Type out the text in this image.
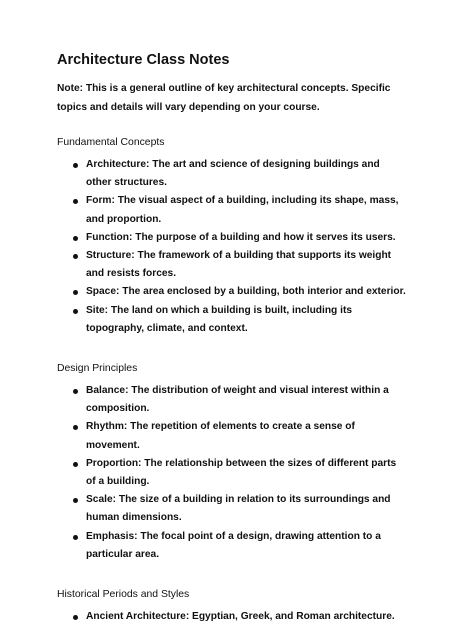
Architecture Class Notes

Note: This is a general outline of key architectural concepts. Specific topics and details will vary depending on your course.

Fundamental Concepts
Architecture: The art and science of designing buildings and other structures.
Form: The visual aspect of a building, including its shape, mass, and proportion.
Function: The purpose of a building and how it serves its users.
Structure: The framework of a building that supports its weight and resists forces.
Space: The area enclosed by a building, both interior and exterior.
Site: The land on which a building is built, including its topography, climate, and context.
Design Principles
Balance: The distribution of weight and visual interest within a composition.
Rhythm: The repetition of elements to create a sense of movement.
Proportion: The relationship between the sizes of different parts of a building.
Scale: The size of a building in relation to its surroundings and human dimensions.
Emphasis: The focal point of a design, drawing attention to a particular area.
Historical Periods and Styles
Ancient Architecture: Egyptian, Greek, and Roman architecture.
